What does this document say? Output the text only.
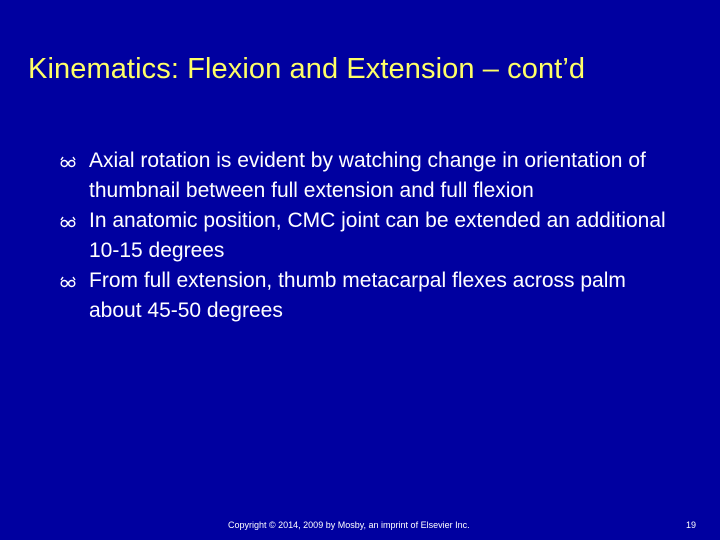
Kinematics: Flexion and Extension – cont’d
Axial rotation is evident by watching change in orientation of thumbnail between full extension and full flexion
In anatomic position, CMC joint can be extended an additional 10-15 degrees
From full extension, thumb metacarpal flexes across palm about 45-50 degrees
Copyright © 2014, 2009 by Mosby, an imprint of Elsevier Inc.	19
